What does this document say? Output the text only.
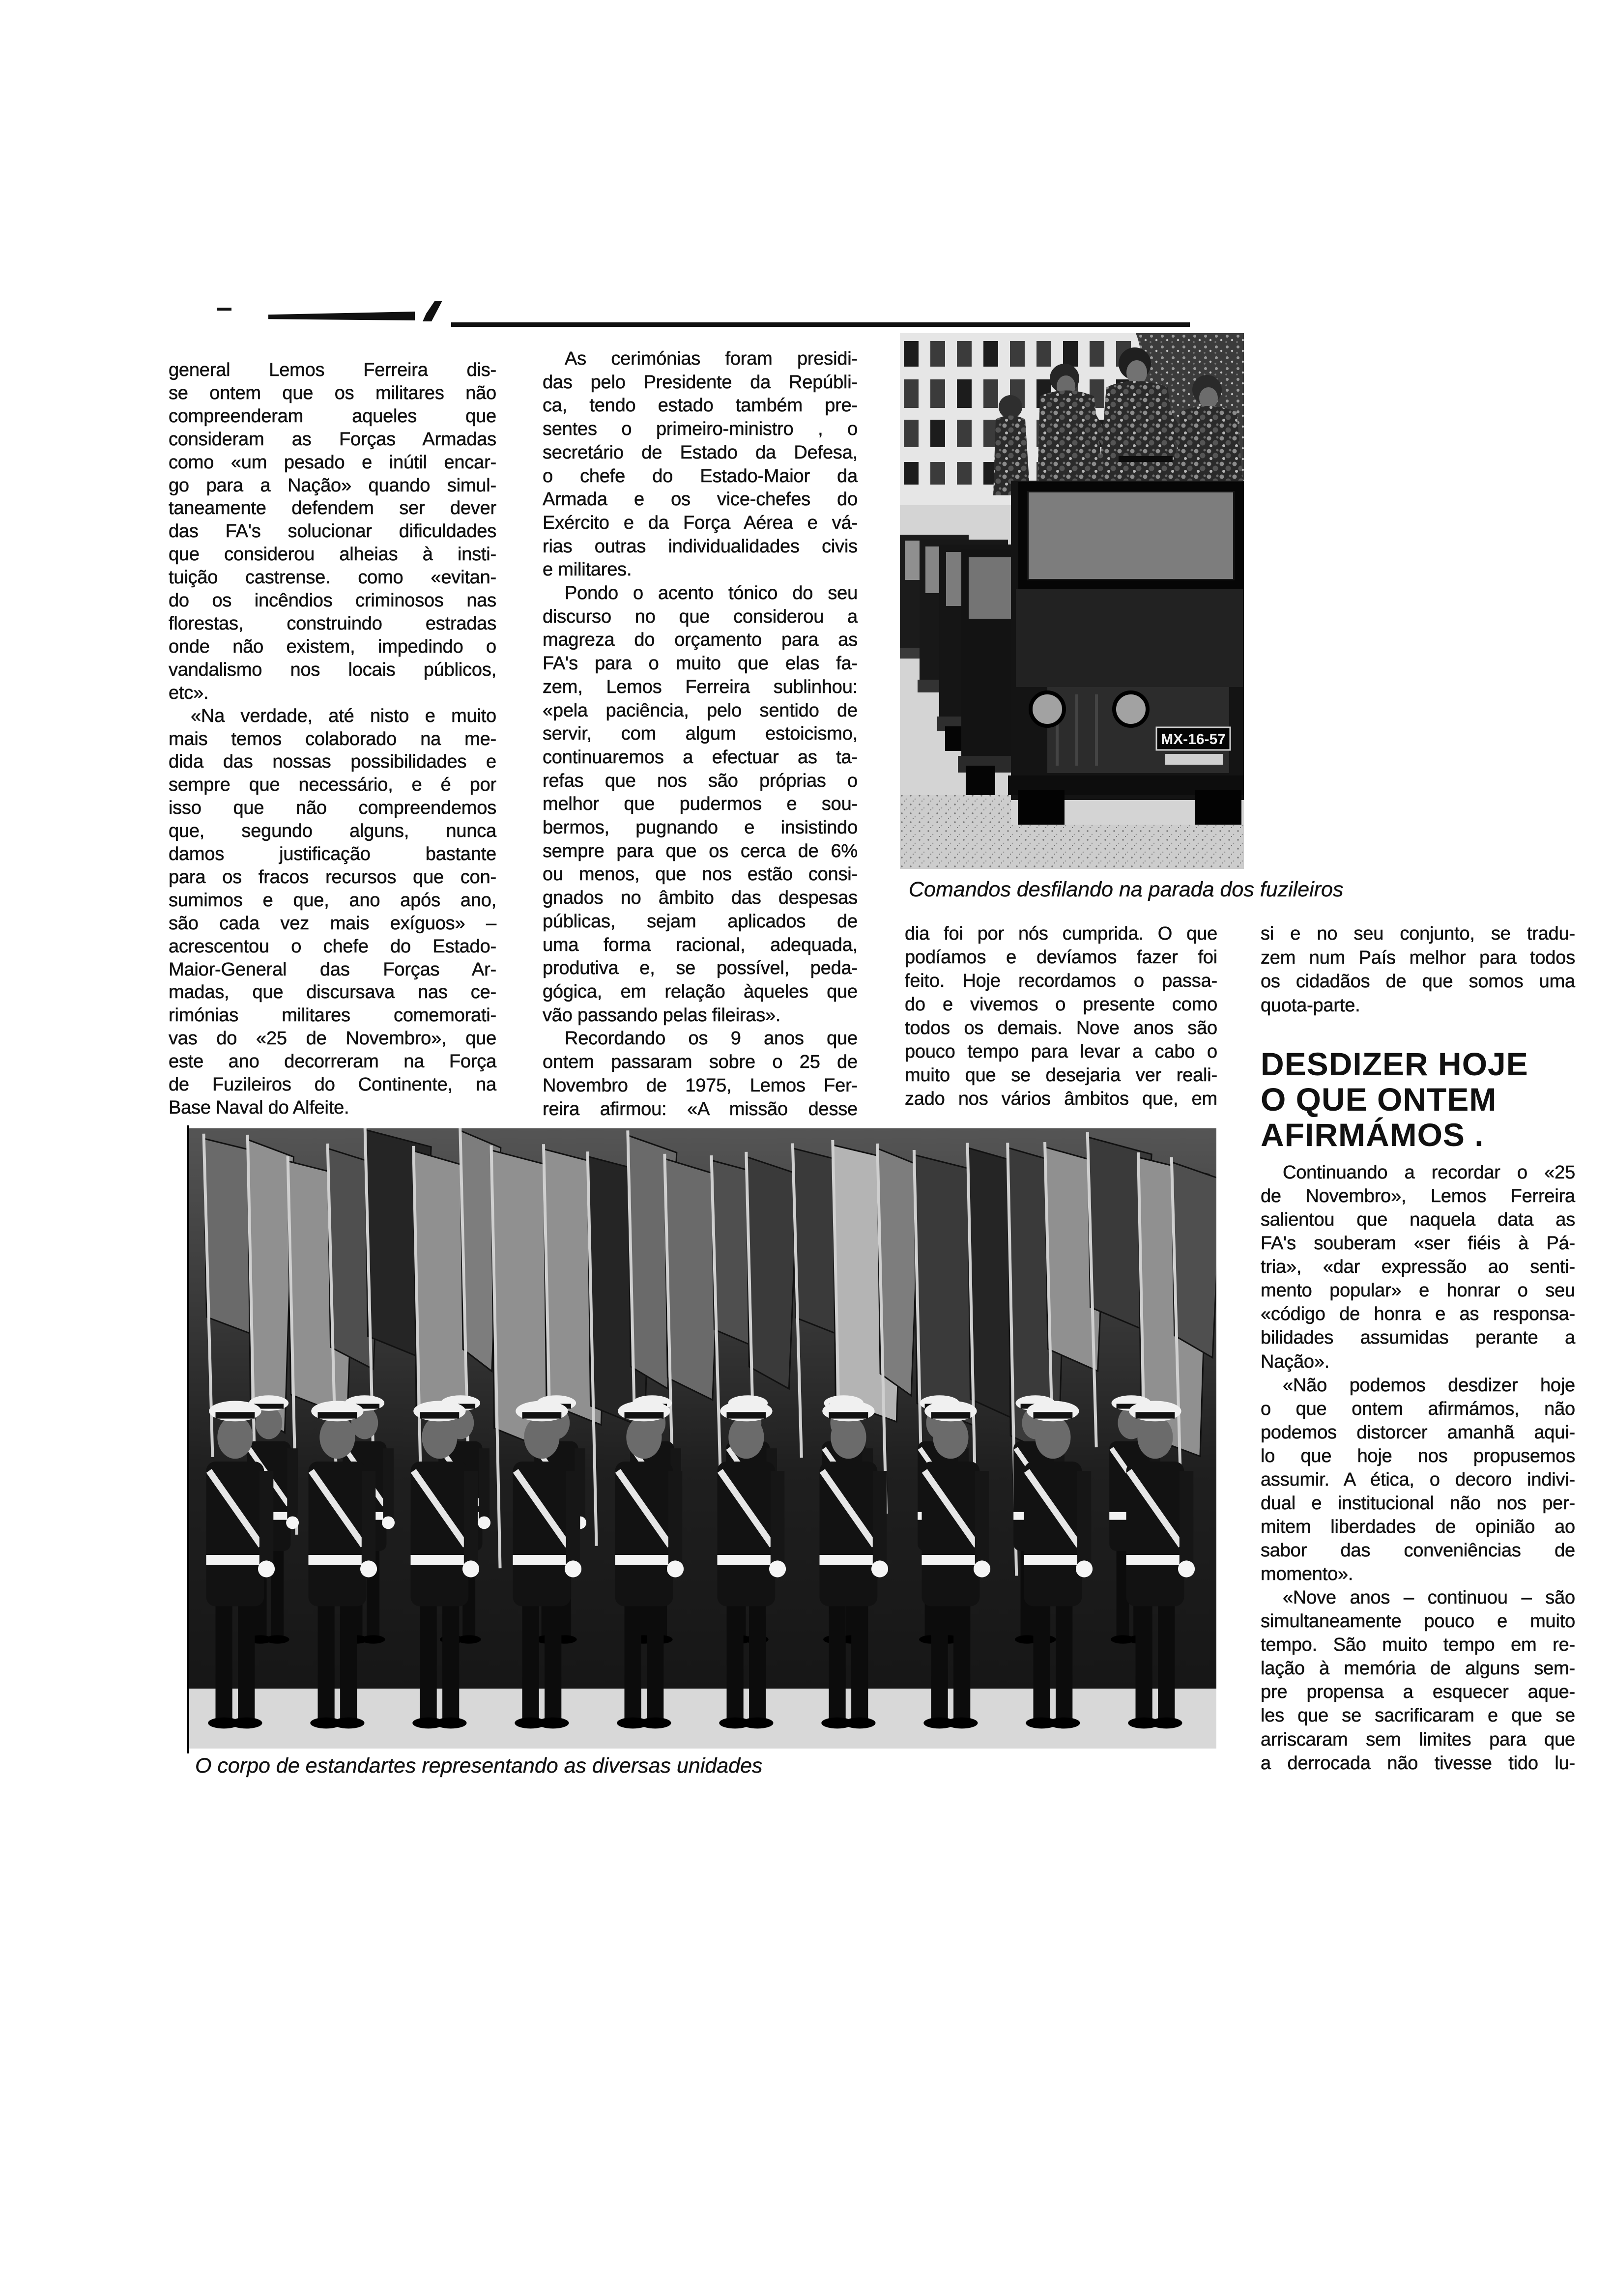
general Lemos Ferreira dis-
se ontem que os militares não
compreenderam aqueles que
consideram as Forças Armadas
como «um pesado e inútil encar-
go para a Nação» quando simul-
taneamente defendem ser dever
das FA's solucionar dificuldades
que considerou alheias à insti-
tuição castrense. como «evitan-
do os incêndios criminosos nas
florestas, construindo estradas
onde não existem, impedindo o
vandalismo nos locais públicos,
etc».
«Na verdade, até nisto e muito
mais temos colaborado na me-
dida das nossas possibilidades e
sempre que necessário, e é por
isso que não compreendemos
que, segundo alguns, nunca
damos justificação bastante
para os fracos recursos que con-
sumimos e que, ano após ano,
são cada vez mais exíguos» –
acrescentou o chefe do Estado-
Maior-General das Forças Ar-
madas, que discursava nas ce-
rimónias militares comemorati-
vas do «25 de Novembro», que
este ano decorreram na Força
de Fuzileiros do Continente, na
Base Naval do Alfeite.
As cerimónias foram presidi-
das pelo Presidente da Repúbli-
ca, tendo estado também pre-
sentes o primeiro-ministro , o
secretário de Estado da Defesa,
o chefe do Estado-Maior da
Armada e os vice-chefes do
Exército e da Força Aérea e vá-
rias outras individualidades civis
e militares.
Pondo o acento tónico do seu
discurso no que considerou a
magreza do orçamento para as
FA's para o muito que elas fa-
zem, Lemos Ferreira sublinhou:
«pela paciência, pelo sentido de
servir, com algum estoicismo,
continuaremos a efectuar as ta-
refas que nos são próprias o
melhor que pudermos e sou-
bermos, pugnando e insistindo
sempre para que os cerca de 6%
ou menos, que nos estão consi-
gnados no âmbito das despesas
públicas, sejam aplicados de
uma forma racional, adequada,
produtiva e, se possível, peda-
gógica, em relação àqueles que
vão passando pelas fileiras».
Recordando os 9 anos que
ontem passaram sobre o 25 de
Novembro de 1975, Lemos Fer-
reira afirmou: «A missão desse
dia foi por nós cumprida. O que
podíamos e devíamos fazer foi
feito. Hoje recordamos o passa-
do e vivemos o presente como
todos os demais. Nove anos são
pouco tempo para levar a cabo o
muito que se desejaria ver reali-
zado nos vários âmbitos que, em
si e no seu conjunto, se tradu-
zem num País melhor para todos
os cidadãos de que somos uma
quota-parte.
DESDIZER HOJE
O QUE ONTEM
AFIRMÁMOS .
Continuando a recordar o «25
de Novembro», Lemos Ferreira
salientou que naquela data as
FA's souberam «ser fiéis à Pá-
tria», «dar expressão ao senti-
mento popular» e honrar o seu
«código de honra e as responsa-
bilidades assumidas perante a
Nação».
«Não podemos desdizer hoje
o que ontem afirmámos, não
podemos distorcer amanhã aqui-
lo que hoje nos propusemos
assumir. A ética, o decoro indivi-
dual e institucional não nos per-
mitem liberdades de opinião ao
sabor das conveniências de
momento».
«Nove anos – continuou – são
simultaneamente pouco e muito
tempo. São muito tempo em re-
lação à memória de alguns sem-
pre propensa a esquecer aque-
les que se sacrificaram e que se
arriscaram sem limites para que
a derrocada não tivesse tido lu-
MX-16-57
Comandos desfilando na parada dos fuzileiros
O corpo de estandartes representando as diversas unidades
